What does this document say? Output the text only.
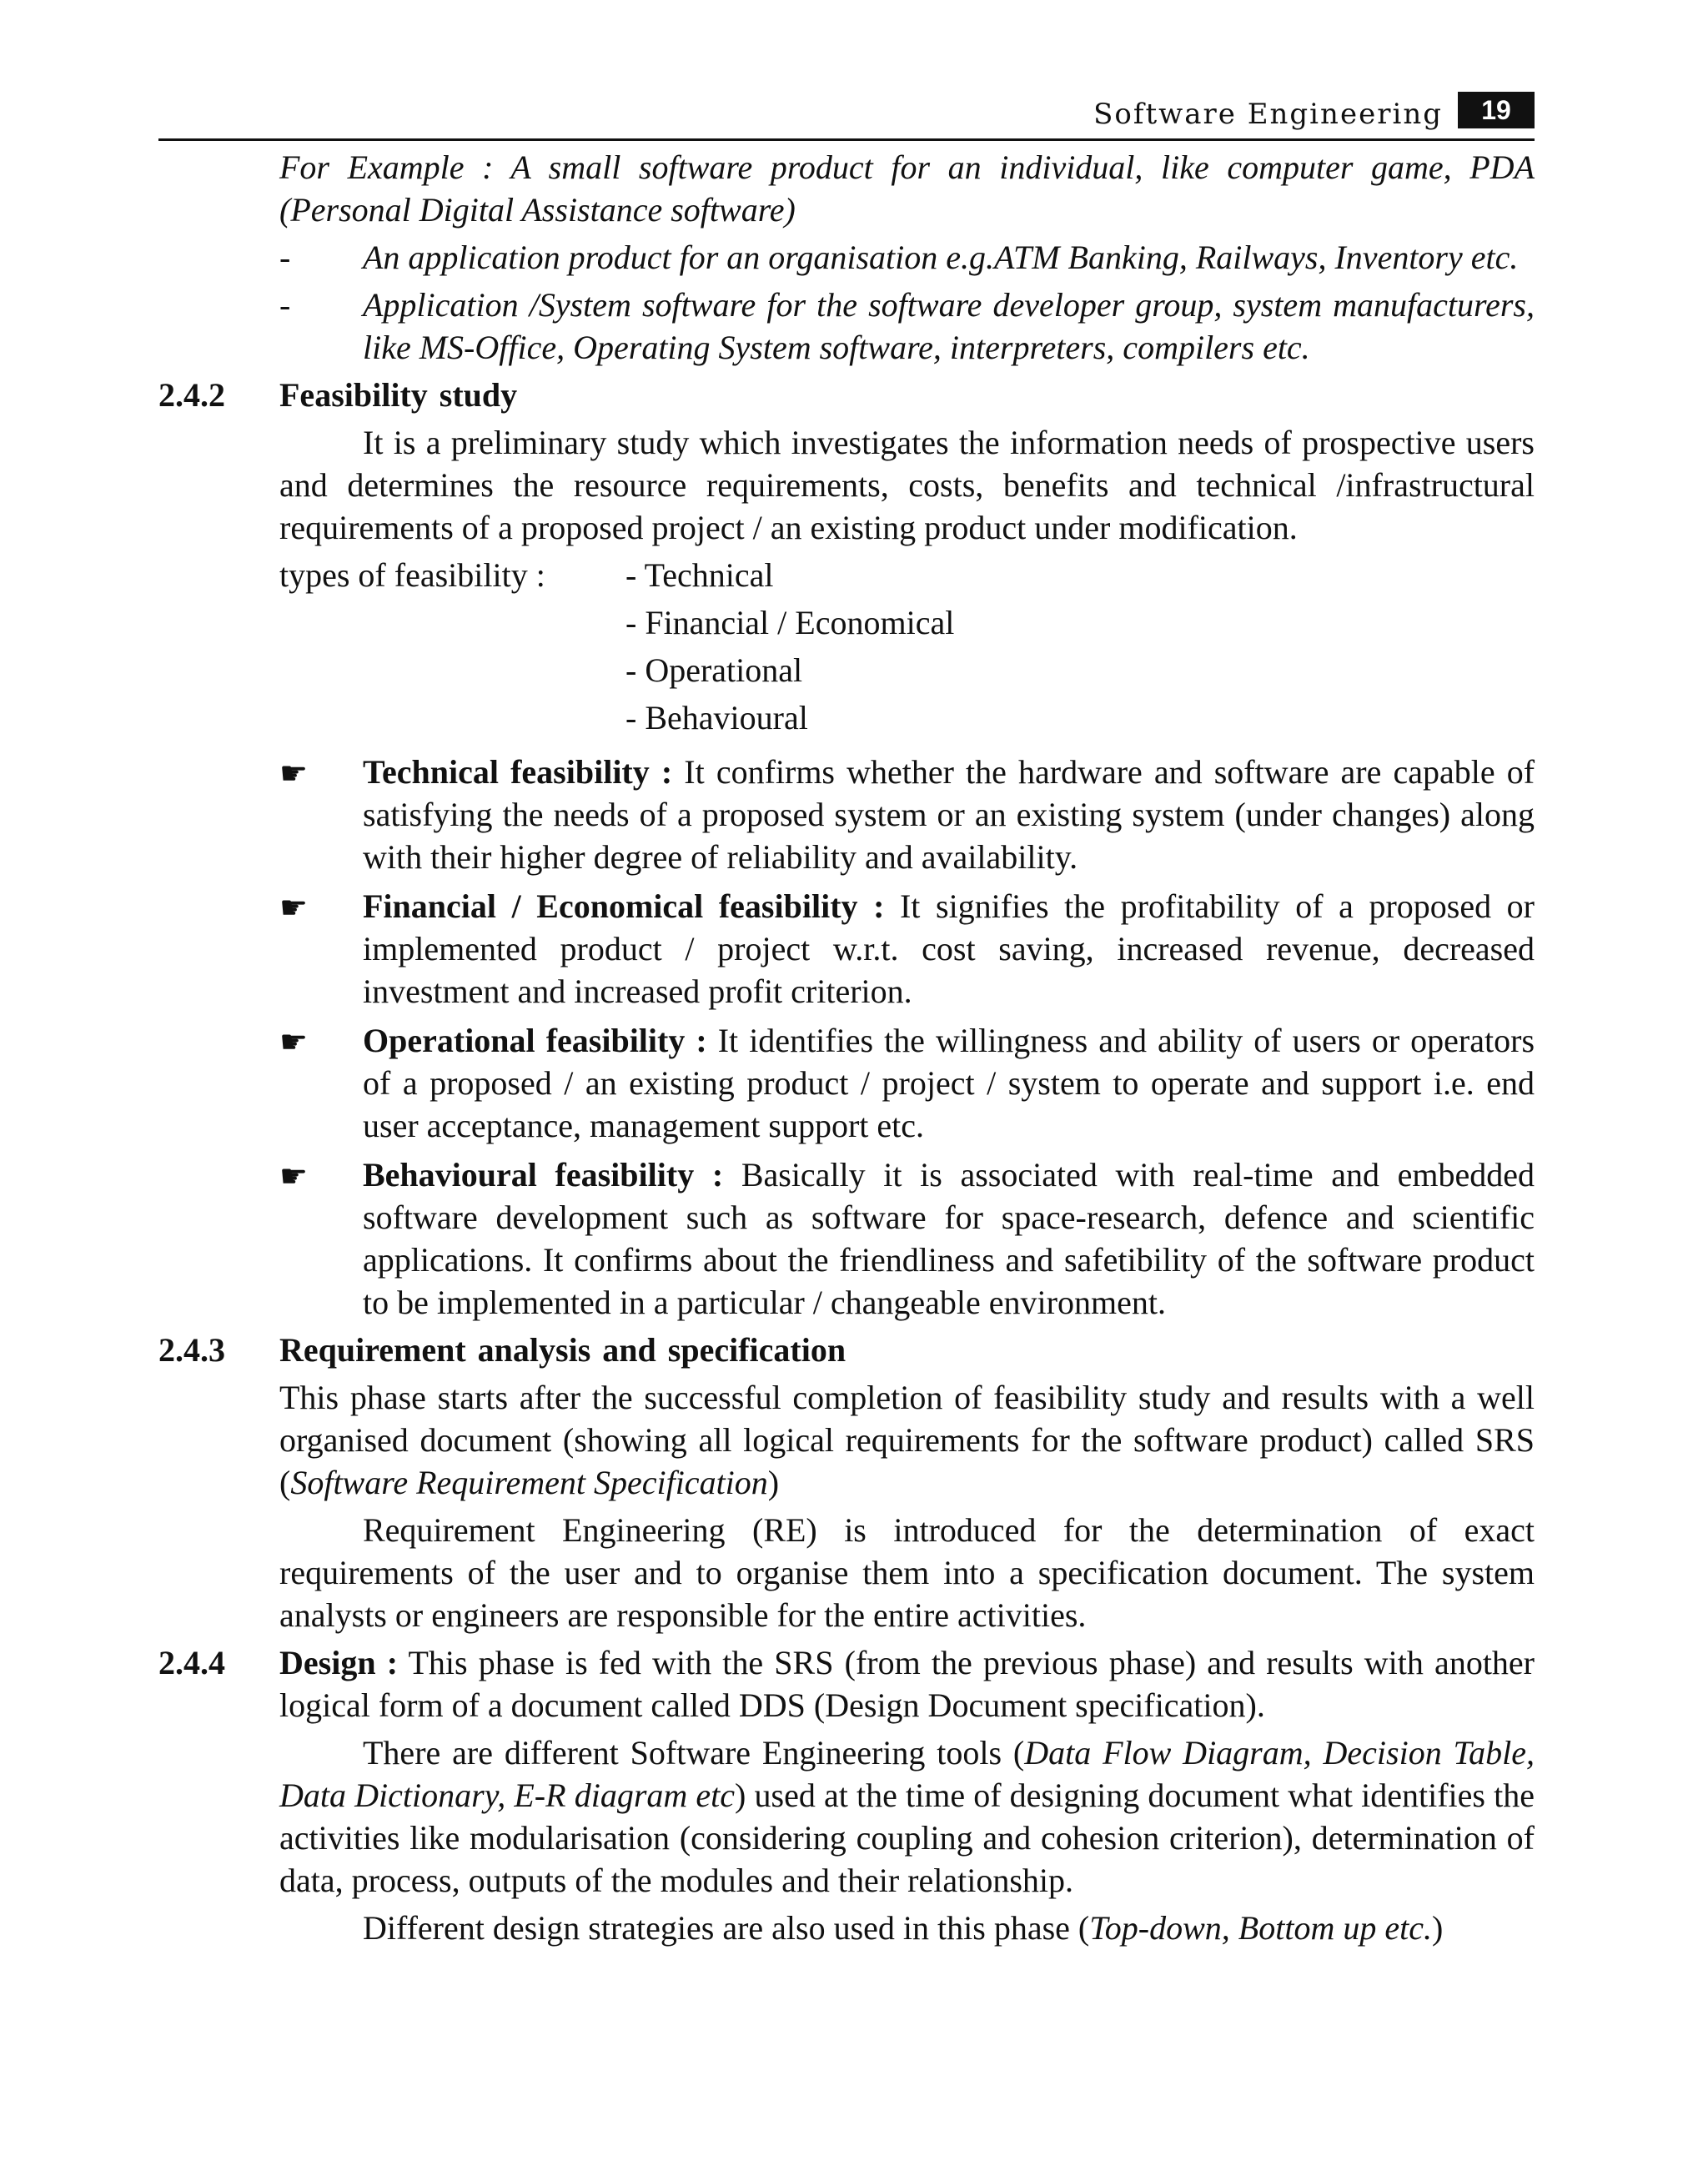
Software Engineering	19

For Example : A small software product for an individual, like computer game, PDA (Personal Digital Assistance software)

- An application product for an organisation e.g.ATM Banking, Railways, Inventory etc.
- Application /System software for the software developer group, system manufacturers, like MS-Office, Operating System software, interpreters, compilers etc.
2.4.2 Feasibility study

It is a preliminary study which investigates the information needs of prospective users and determines the resource requirements, costs, benefits and technical /infrastructural requirements of a proposed project / an existing product under modification.

types of feasibility : - Technical
- Financial / Economical
- Operational
- Behavioural
☛ Technical feasibility : It confirms whether the hardware and software are capable of satisfying the needs of a proposed system or an existing system (under changes) along with their higher degree of reliability and availability.
☛ Financial / Economical feasibility : It signifies the profitability of a proposed or implemented product / project w.r.t. cost saving, increased revenue, decreased investment and increased profit criterion.
☛ Operational feasibility : It identifies the willingness and ability of users or operators of a proposed / an existing product / project / system to operate and support i.e. end user acceptance, management support etc.
☛ Behavioural feasibility : Basically it is associated with real-time and embedded software development such as software for space-research, defence and scientific applications. It confirms about the friendliness and safetibility of the software product to be implemented in a particular / changeable environment.
2.4.3 Requirement analysis and specification

This phase starts after the successful completion of feasibility study and results with a well organised document (showing all logical requirements for the software product) called SRS (Software Requirement Specification)

Requirement Engineering (RE) is introduced for the determination of exact requirements of the user and to organise them into a specification document. The system analysts or engineers are responsible for the entire activities.

2.4.4 Design : This phase is fed with the SRS (from the previous phase) and results with another logical form of a document called DDS (Design Document specification).

There are different Software Engineering tools (Data Flow Diagram, Decision Table, Data Dictionary, E-R diagram etc) used at the time of designing document what identifies the activities like modularisation (considering coupling and cohesion criterion), determination of data, process, outputs of the modules and their relationship.

Different design strategies are also used in this phase (Top-down, Bottom up etc.)
